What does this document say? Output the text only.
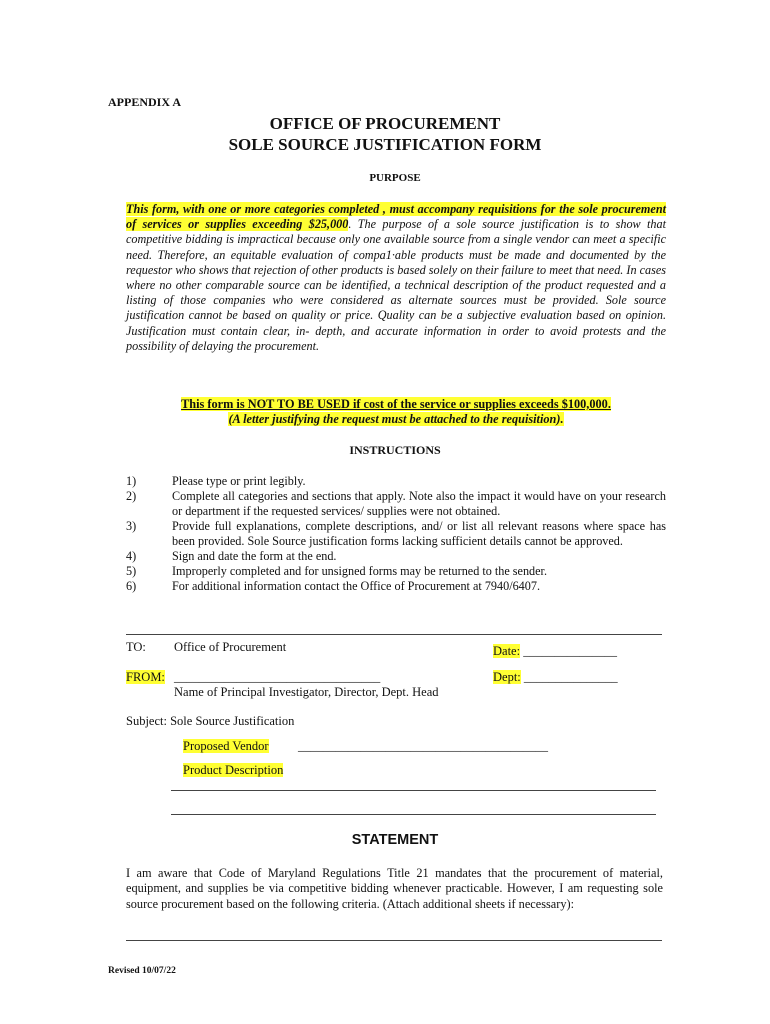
APPENDIX A
OFFICE OF PROCUREMENT
SOLE SOURCE JUSTIFICATION FORM
PURPOSE
This form, with one or more categories completed , must accompany requisitions for the sole procurement of services or supplies exceeding $25,000. The purpose of a sole source justification is to show that competitive bidding is impractical because only one available source from a single vendor can meet a specific need. Therefore, an equitable evaluation of compa1·able products must be made and documented by the requestor who shows that rejection of other products is based solely on their failure to meet that need. In cases where no other comparable source can be identified, a technical description of the product requested and a listing of those companies who were considered as alternate sources must be provided. Sole source justification cannot be based on quality or price. Quality can be a subjective evaluation based on opinion. Justification must contain clear, in- depth, and accurate information in order to avoid protests and the possibility of delaying the procurement.
This form is NOT TO BE USED if cost of the service or supplies exceeds $100,000.
(A letter justifying the request must be attached to the requisition).
INSTRUCTIONS
1)	Please type or print legibly.
2)	Complete all categories and sections that apply. Note also the impact it would have on your research or department if the requested services/ supplies were not obtained.
3)	Provide full explanations, complete descriptions, and/ or list all relevant reasons where space has been provided. Sole Source justification forms lacking sufficient details cannot be approved.
4)	Sign and date the form at the end.
5)	Improperly completed and for unsigned forms may be returned to the sender.
6)	For additional information contact the Office of Procurement at 7940/6407.
TO: Office of Procurement	Date: _______________
FROM: _________________________________
Name of Principal Investigator, Director, Dept. Head
Dept: _______________
Subject: Sole Source Justification
Proposed Vendor ________________________________________
Product Description
STATEMENT
I am aware that Code of Maryland Regulations Title 21 mandates that the procurement of material, equipment, and supplies be via competitive bidding whenever practicable. However, I am requesting sole source procurement based on the following criteria. (Attach additional sheets if necessary):
Revised 10/07/22
